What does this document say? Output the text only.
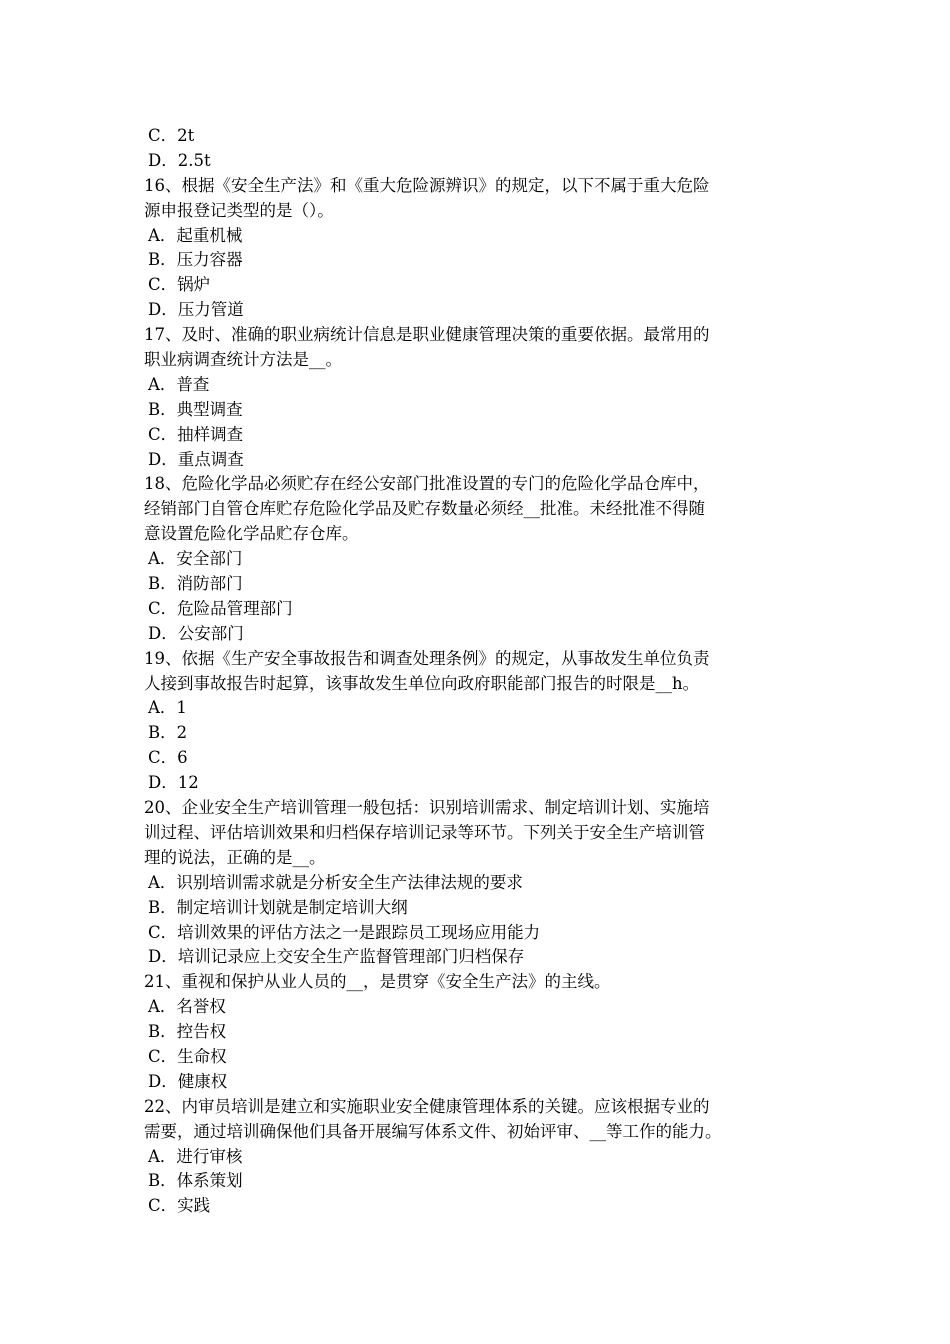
C．2t
D．2.5t
16、根据《安全生产法》和《重大危险源辨识》的规定，以下不属于重大危险
源申报登记类型的是（）。
A．起重机械
B．压力容器
C．锅炉
D．压力管道
17、及时、准确的职业病统计信息是职业健康管理决策的重要依据。最常用的
职业病调查统计方法是__。
A．普查
B．典型调查
C．抽样调查
D．重点调查
18、危险化学品必须贮存在经公安部门批准设置的专门的危险化学品仓库中，
经销部门自管仓库贮存危险化学品及贮存数量必须经__批准。未经批准不得随
意设置危险化学品贮存仓库。
A．安全部门
B．消防部门
C．危险品管理部门
D．公安部门
19、依据《生产安全事故报告和调查处理条例》的规定，从事故发生单位负责
人接到事故报告时起算，该事故发生单位向政府职能部门报告的时限是__h。
A．1
B．2
C．6
D．12
20、企业安全生产培训管理一般包括：识别培训需求、制定培训计划、实施培
训过程、评估培训效果和归档保存培训记录等环节。下列关于安全生产培训管
理的说法，正确的是__。
A．识别培训需求就是分析安全生产法律法规的要求
B．制定培训计划就是制定培训大纲
C．培训效果的评估方法之一是跟踪员工现场应用能力
D．培训记录应上交安全生产监督管理部门归档保存
21、重视和保护从业人员的__，是贯穿《安全生产法》的主线。
A．名誉权
B．控告权
C．生命权
D．健康权
22、内审员培训是建立和实施职业安全健康管理体系的关键。应该根据专业的
需要，通过培训确保他们具备开展编写体系文件、初始评审、__等工作的能力。
A．进行审核
B．体系策划
C．实践
